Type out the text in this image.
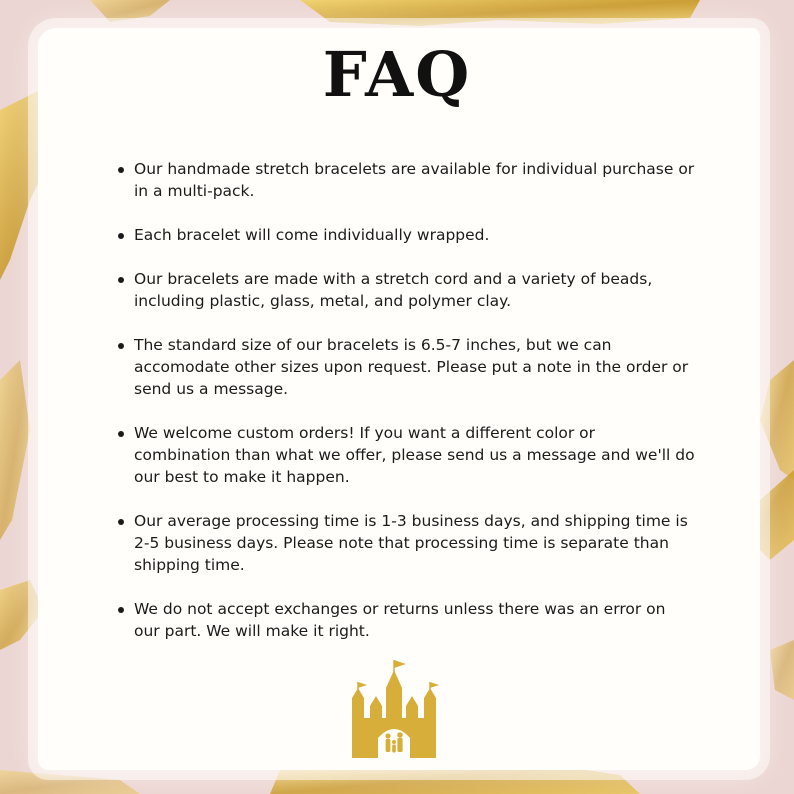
FAQ
Our handmade stretch bracelets are available for individual purchase or in a multi-pack.
Each bracelet will come individually wrapped.
Our bracelets are made with a stretch cord and a variety of beads, including plastic, glass, metal, and polymer clay.
The standard size of our bracelets is 6.5-7 inches, but we can accomodate other sizes upon request. Please put a note in the order or send us a message.
We welcome custom orders! If you want a different color or combination than what we offer, please send us a message and we'll do our best to make it happen.
Our average processing time is 1-3 business days, and shipping time is 2-5 business days. Please note that processing time is separate than shipping time.
We do not accept exchanges or returns unless there was an error on our part. We will make it right.
